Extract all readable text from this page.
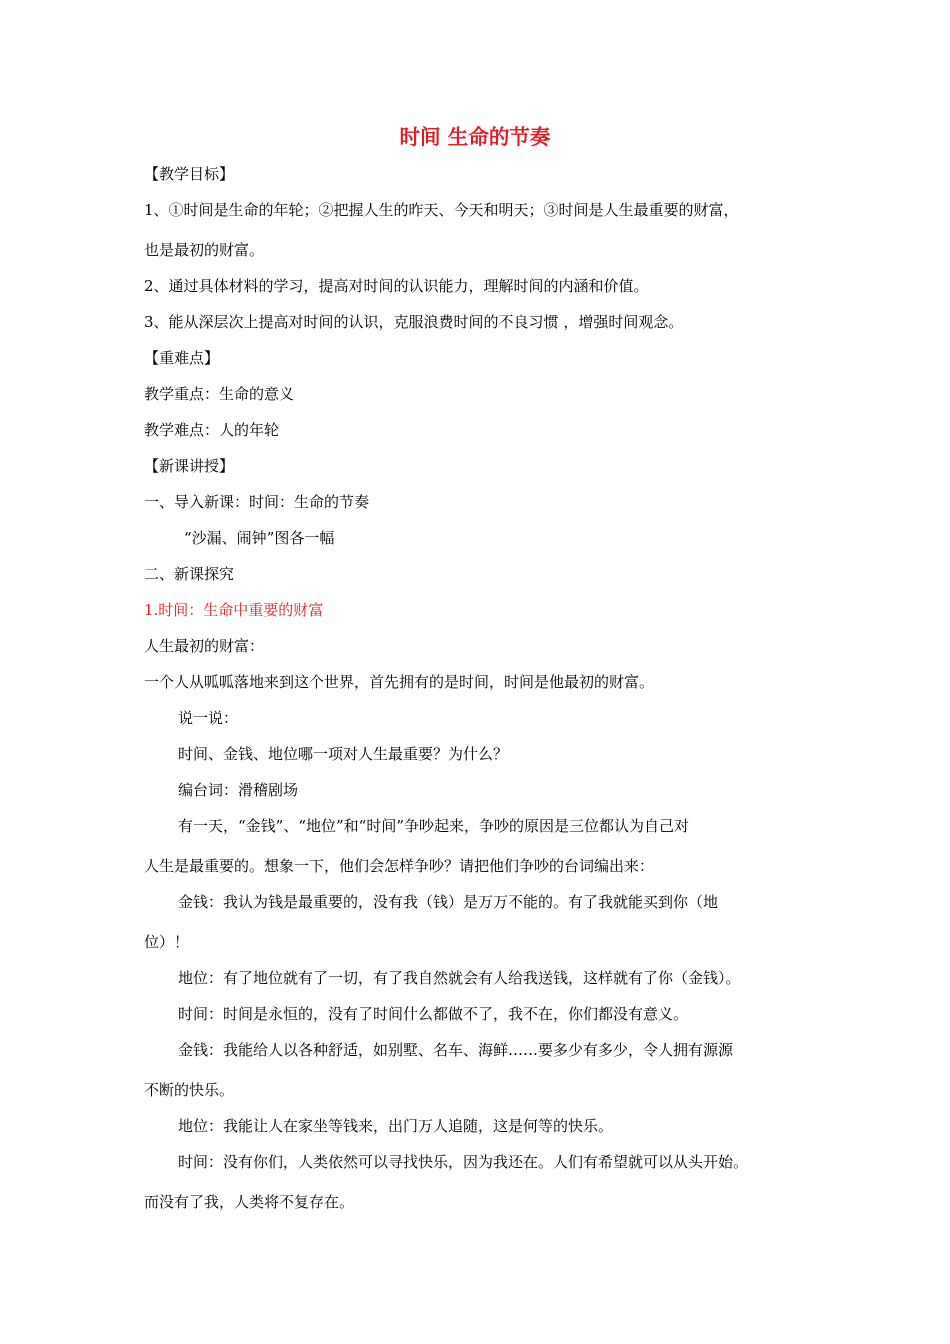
时间 生命的节奏
【教学目标】
1、①时间是生命的年轮；②把握人生的昨天、今天和明天；③时间是人生最重要的财富，
也是最初的财富。
2、通过具体材料的学习，提高对时间的认识能力，理解时间的内涵和价值。
3、能从深层次上提高对时间的认识，克服浪费时间的不良习惯 ，增强时间观念。
【重难点】
教学重点：生命的意义
教学难点：人的年轮
【新课讲授】
一、导入新课：时间：生命的节奏
“沙漏、闹钟”图各一幅
二、新课探究
1.时间：生命中重要的财富
人生最初的财富：
一个人从呱呱落地来到这个世界，首先拥有的是时间，时间是他最初的财富。
说一说：
时间、金钱、地位哪一项对人生最重要？为什么？
编台词：滑稽剧场
有一天，“金钱”、“地位”和“时间”争吵起来，争吵的原因是三位都认为自己对
人生是最重要的。想象一下，他们会怎样争吵？请把他们争吵的台词编出来：
金钱：我认为钱是最重要的，没有我（钱）是万万不能的。有了我就能买到你（地
位）！
地位：有了地位就有了一切，有了我自然就会有人给我送钱，这样就有了你（金钱）。
时间：时间是永恒的，没有了时间什么都做不了，我不在，你们都没有意义。
金钱：我能给人以各种舒适，如别墅、名车、海鲜……要多少有多少，令人拥有源源
不断的快乐。
地位：我能让人在家坐等钱来，出门万人追随，这是何等的快乐。
时间：没有你们，人类依然可以寻找快乐，因为我还在。人们有希望就可以从头开始。
而没有了我，人类将不复存在。
